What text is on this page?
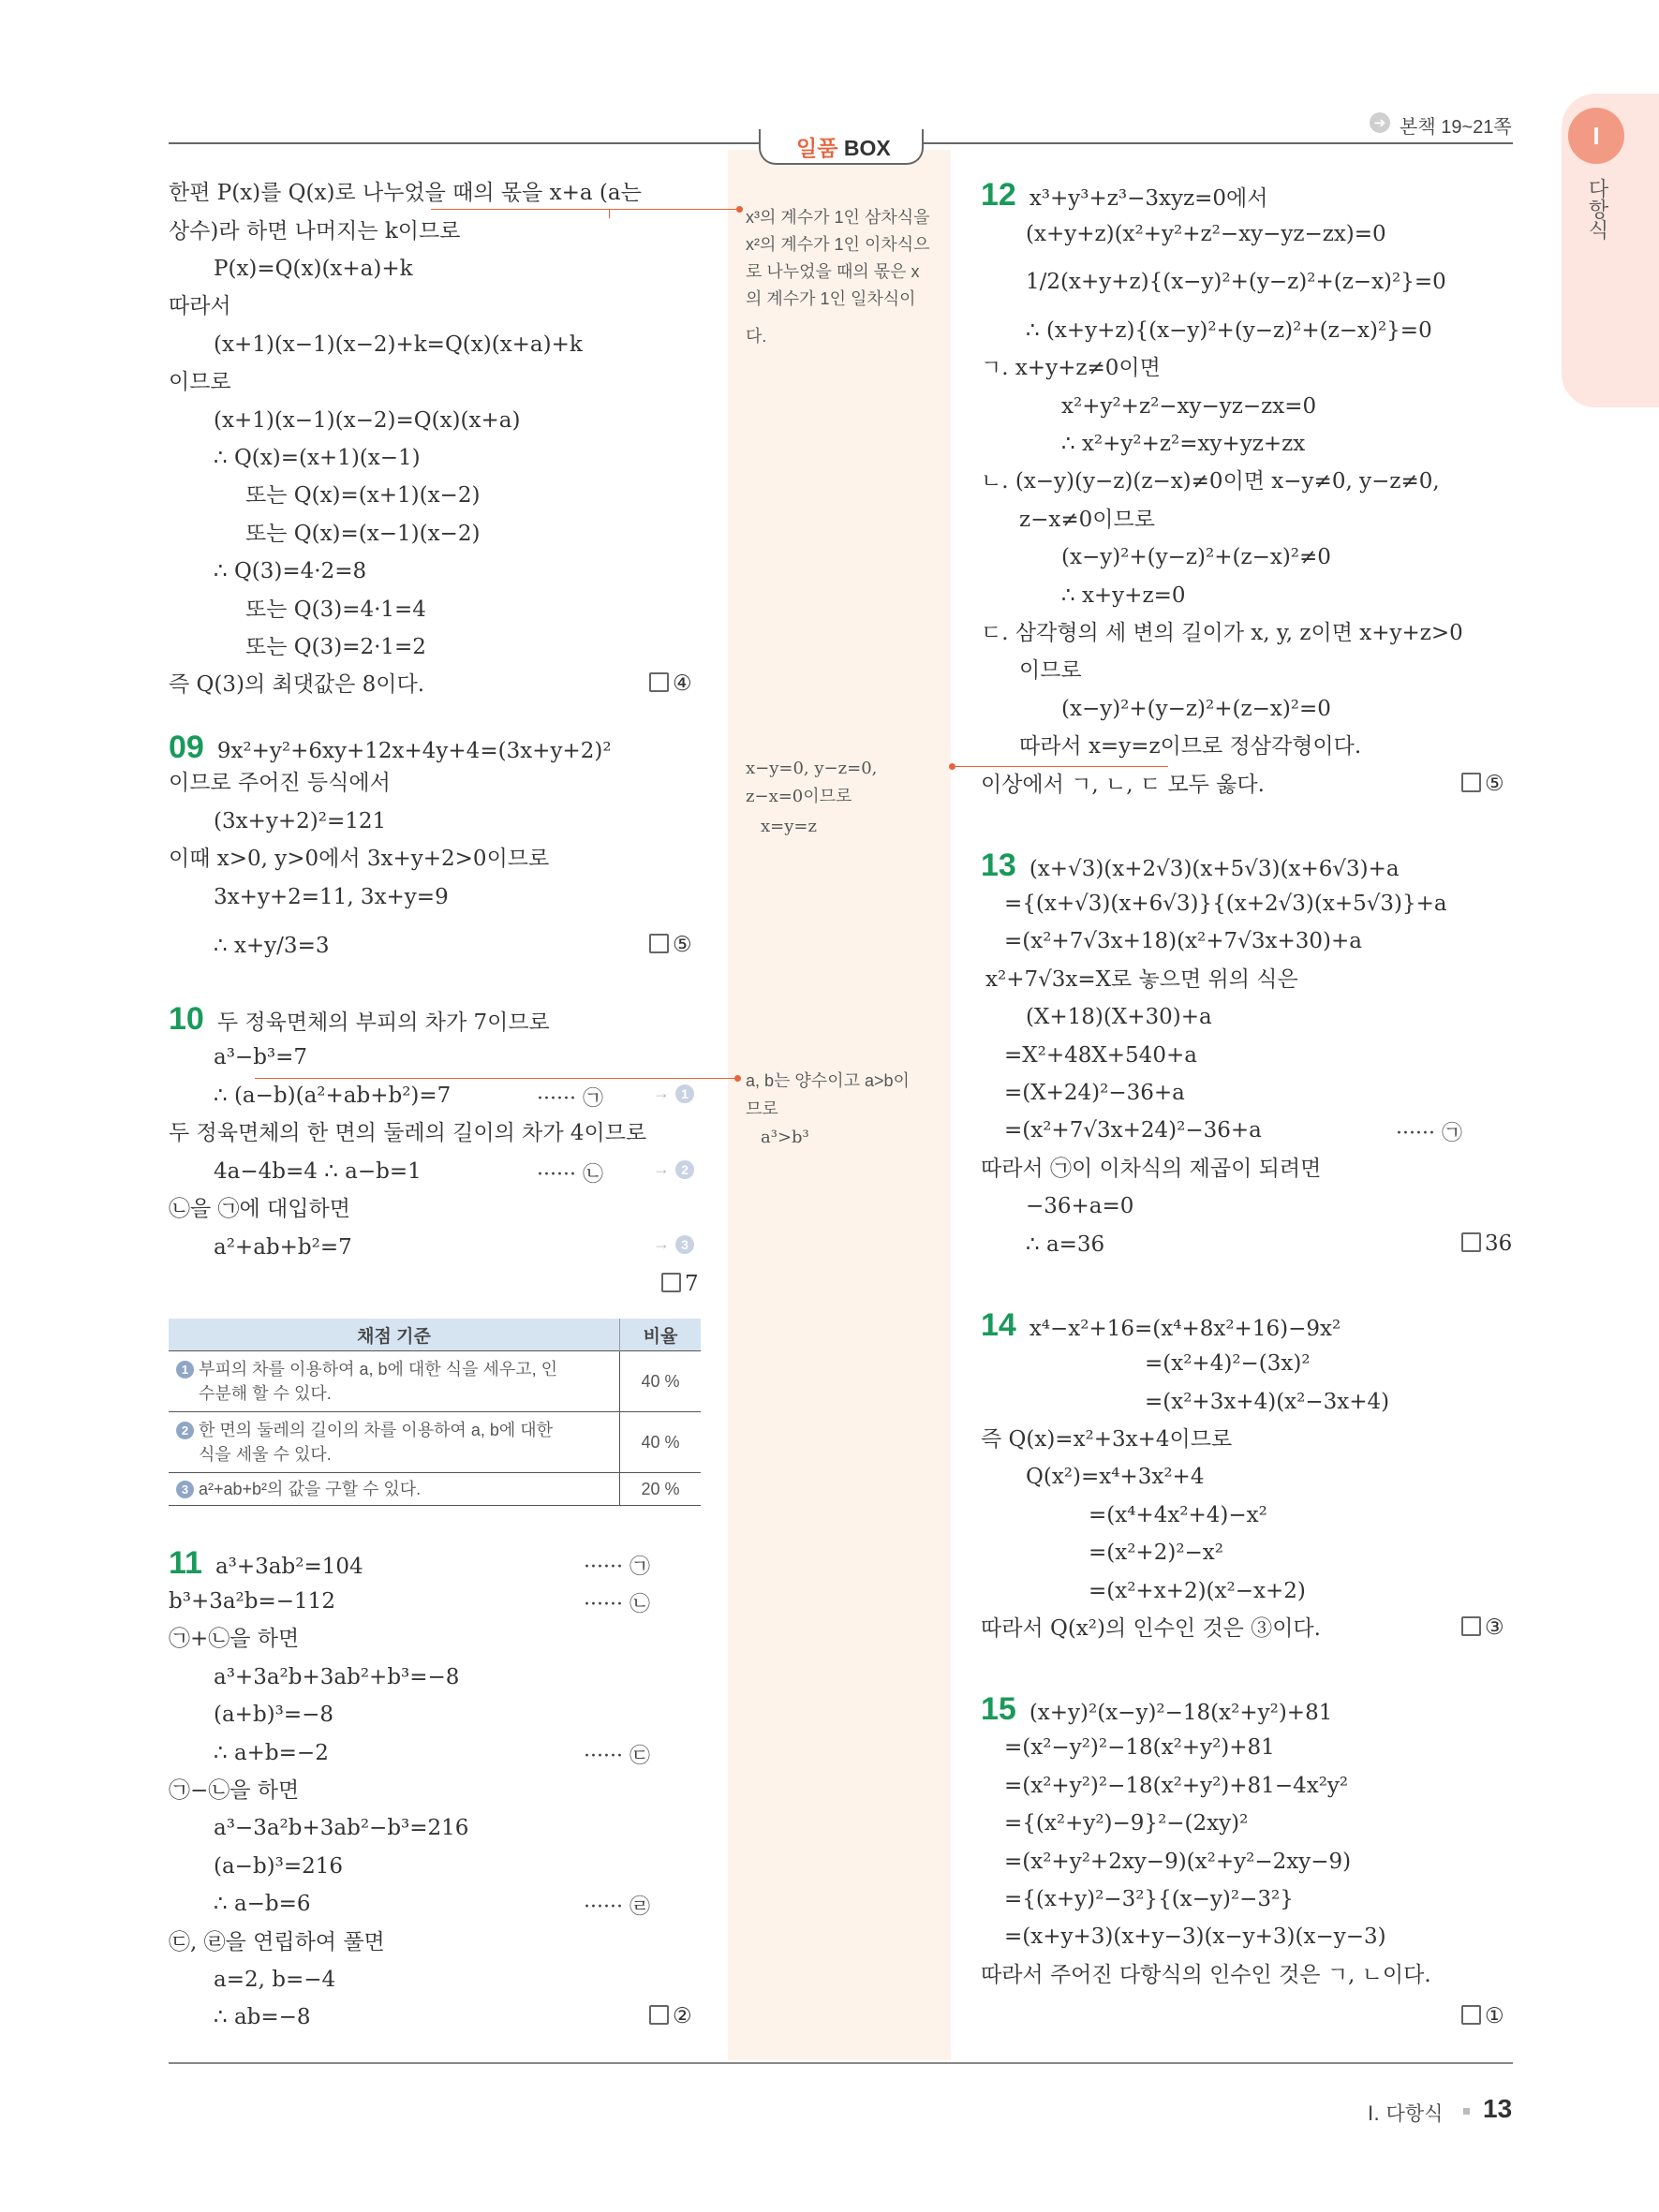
➔ 본책 19~21쪽
일품 BOX	I
다항식
한편 P(x)를 Q(x)로 나누었을 때의 몫을 x+a (a는
상수)라 하면 나머지는 k이므로
P(x)=Q(x)(x+a)+k
따라서
(x+1)(x−1)(x−2)+k=Q(x)(x+a)+k
이므로
(x+1)(x−1)(x−2)=Q(x)(x+a)
∴ Q(x)=(x+1)(x−1)
또는 Q(x)=(x+1)(x−2)
또는 Q(x)=(x−1)(x−2)
∴ Q(3)=4·2=8
또는 Q(3)=4·1=4
또는 Q(3)=2·1=2
즉 Q(3)의 최댓값은 8이다.	④
09 9x²+y²+6xy+12x+4y+4=(3x+y+2)²
이므로 주어진 등식에서
(3x+y+2)²=121
이때 x>0, y>0에서 3x+y+2>0이므로
3x+y+2=11, 3x+y=9
∴ x+y/3=3	⑤
10 두 정육면체의 부피의 차가 7이므로
a³−b³=7
∴ (a−b)(a²+ab+b²)=7	······ ㉠	→ 1
두 정육면체의 한 면의 둘레의 길이의 차가 4이므로
4a−4b=4 ∴ a−b=1	······ ㉡	→ 2
㉡을 ㉠에 대입하면
a²+ab+b²=7	→ 3
7
채점 기준	비율
1 부피의 차를 이용하여 a, b에 대한 식을 세우고, 인
수분해 할 수 있다.	40 %
2 한 면의 둘레의 길이의 차를 이용하여 a, b에 대한
식을 세울 수 있다.	40 %
3 a²+ab+b²의 값을 구할 수 있다.	20 %
11 a³+3ab²=104	······ ㉠
b³+3a²b=−112	······ ㉡
㉠+㉡을 하면
a³+3a²b+3ab²+b³=−8
(a+b)³=−8
∴ a+b=−2	······ ㉢
㉠−㉡을 하면
a³−3a²b+3ab²−b³=216
(a−b)³=216
∴ a−b=6	······ ㉣
㉢, ㉣을 연립하여 풀면
a=2, b=−4
∴ ab=−8	②
x³의 계수가 1인 삼차식을
x²의 계수가 1인 이차식으
로 나누었을 때의 몫은 x
의 계수가 1인 일차식이
다.
x−y=0, y−z=0,
z−x=0이므로
x=y=z
a, b는 양수이고 a>b이
므로
a³>b³
12 x³+y³+z³−3xyz=0에서
(x+y+z)(x²+y²+z²−xy−yz−zx)=0
1/2(x+y+z){(x−y)²+(y−z)²+(z−x)²}=0
∴ (x+y+z){(x−y)²+(y−z)²+(z−x)²}=0
ㄱ. x+y+z≠0이면
x²+y²+z²−xy−yz−zx=0
∴ x²+y²+z²=xy+yz+zx
ㄴ. (x−y)(y−z)(z−x)≠0이면 x−y≠0, y−z≠0,
z−x≠0이므로
(x−y)²+(y−z)²+(z−x)²≠0
∴ x+y+z=0
ㄷ. 삼각형의 세 변의 길이가 x, y, z이면 x+y+z>0
이므로
(x−y)²+(y−z)²+(z−x)²=0
따라서 x=y=z이므로 정삼각형이다.
이상에서 ㄱ, ㄴ, ㄷ 모두 옳다.	⑤
13 (x+√3)(x+2√3)(x+5√3)(x+6√3)+a
={(x+√3)(x+6√3)}{(x+2√3)(x+5√3)}+a
=(x²+7√3x+18)(x²+7√3x+30)+a
x²+7√3x=X로 놓으면 위의 식은
(X+18)(X+30)+a
=X²+48X+540+a
=(X+24)²−36+a
=(x²+7√3x+24)²−36+a	······ ㉠
따라서 ㉠이 이차식의 제곱이 되려면
−36+a=0
∴ a=36	36
14 x⁴−x²+16=(x⁴+8x²+16)−9x²
=(x²+4)²−(3x)²
=(x²+3x+4)(x²−3x+4)
즉 Q(x)=x²+3x+4이므로
Q(x²)=x⁴+3x²+4
=(x⁴+4x²+4)−x²
=(x²+2)²−x²
=(x²+x+2)(x²−x+2)
따라서 Q(x²)의 인수인 것은 ③이다.	③
15 (x+y)²(x−y)²−18(x²+y²)+81
=(x²−y²)²−18(x²+y²)+81
=(x²+y²)²−18(x²+y²)+81−4x²y²
={(x²+y²)−9}²−(2xy)²
=(x²+y²+2xy−9)(x²+y²−2xy−9)
={(x+y)²−3²}{(x−y)²−3²}
=(x+y+3)(x+y−3)(x−y+3)(x−y−3)
따라서 주어진 다항식의 인수인 것은 ㄱ, ㄴ이다.
①
I. 다항식 13
